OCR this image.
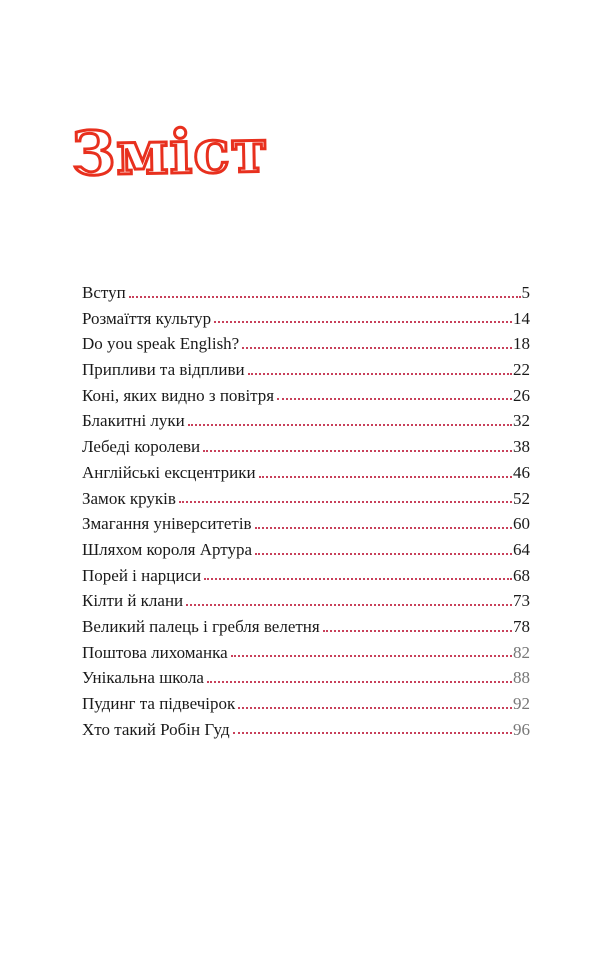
Зміст
Вступ	5
Розмаїття культур	14
Do you speak English?	18
Припливи та відпливи	22
Коні, яких видно з повітря	26
Блакитні луки	32
Лебеді королеви	38
Англійські ексцентрики	46
Замок круків	52
Змагання університетів	60
Шляхом короля Артура	64
Порей і нарциси	68
Кілти й клани	73
Великий палець і гребля велетня	78
Поштова лихоманка	82
Унікальна школа	88
Пудинг та підвечірок	92
Хто такий Робін Гуд	96
